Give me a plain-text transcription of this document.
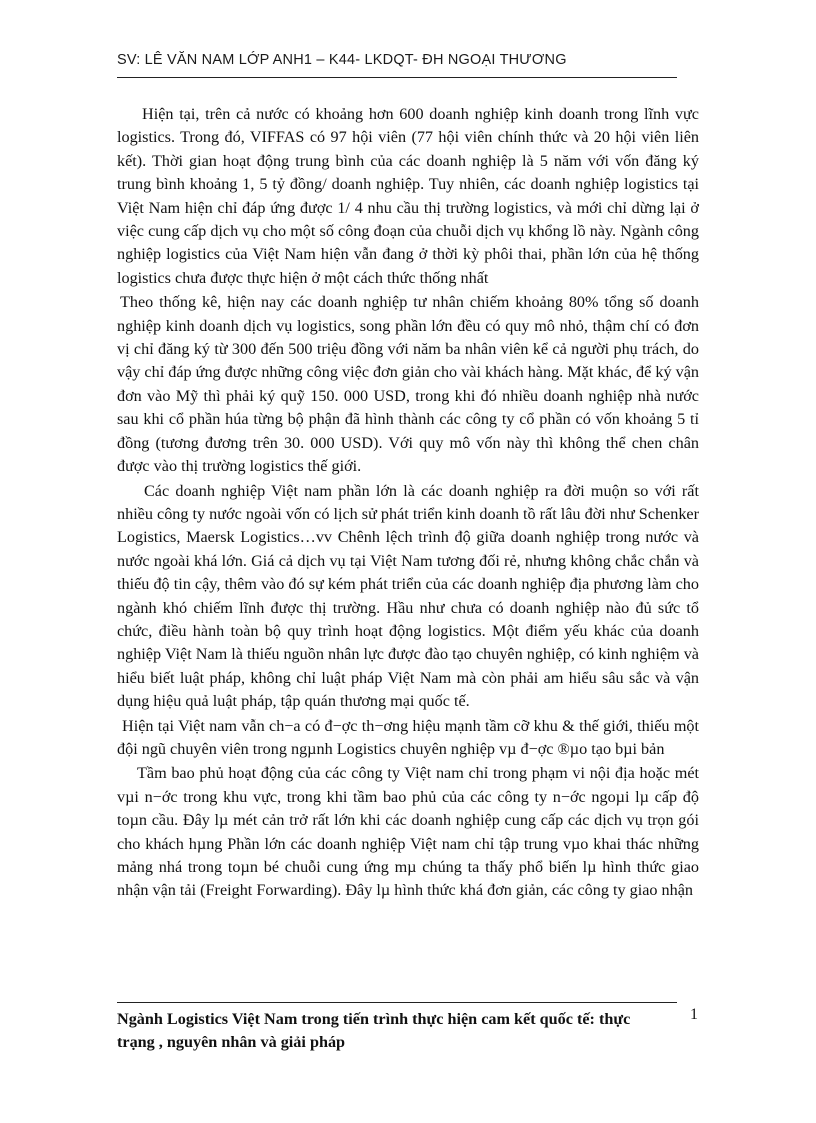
SV: LÊ VĂN NAM LỚP ANH1 – K44- LKDQT- ĐH NGOẠI THƯƠNG

Hiện tại, trên cả nước có khoảng hơn 600 doanh nghiệp kinh doanh trong lĩnh vực logistics. Trong đó, VIFFAS có 97 hội viên (77 hội viên chính thức và 20 hội viên liên kết). Thời gian hoạt động trung bình của các doanh nghiệp là 5 năm với vốn đăng ký trung bình khoảng 1, 5 tỷ đồng/ doanh nghiệp. Tuy nhiên, các doanh nghiệp logistics tại Việt Nam hiện chỉ đáp ứng được 1/ 4 nhu cầu thị trường logistics, và mới chỉ dừng lại ở việc cung cấp dịch vụ cho một số công đoạn của chuỗi dịch vụ khổng lồ này. Ngành công nghiệp logistics của Việt Nam hiện vẫn đang ở thời kỳ phôi thai, phần lớn của hệ thống logistics chưa được thực hiện ở một cách thức thống nhất

Theo thống kê, hiện nay các doanh nghiệp tư nhân chiếm khoảng 80% tổng số doanh nghiệp kinh doanh dịch vụ logistics, song phần lớn đều có quy mô nhỏ, thậm chí có đơn vị chỉ đăng ký từ 300 đến 500 triệu đồng với năm ba nhân viên kể cả người phụ trách, do vậy chỉ đáp ứng được những công việc đơn giản cho vài khách hàng. Mặt khác, để ký vận đơn vào Mỹ thì phải ký quỹ 150. 000 USD, trong khi đó nhiều doanh nghiệp nhà nước sau khi cổ phần húa từng bộ phận đã hình thành các công ty cổ phần có vốn khoảng 5 tỉ đồng (tương đương trên 30. 000 USD). Với quy mô vốn này thì không thể chen chân được vào thị trường logistics thế giới.

Các doanh nghiệp Việt nam phần lớn là các doanh nghiệp ra đời muộn so với rất nhiều công ty nước ngoài vốn có lịch sử phát triển kinh doanh tồ rất lâu đời như Schenker Logistics, Maersk Logistics…vv Chênh lệch trình độ giữa doanh nghiệp trong nước và nước ngoài khá lớn. Giá cả dịch vụ tại Việt Nam tương đối rẻ, nhưng không chắc chắn và thiếu độ tin cậy, thêm vào đó sự kém phát triển của các doanh nghiệp địa phương làm cho ngành khó chiếm lĩnh được thị trường. Hầu như chưa có doanh nghiệp nào đủ sức tổ chức, điều hành toàn bộ quy trình hoạt động logistics. Một điểm yếu khác của doanh nghiệp Việt Nam là thiếu nguồn nhân lực được đào tạo chuyên nghiệp, có kinh nghiệm và hiểu biết luật pháp, không chỉ luật pháp Việt Nam mà còn phải am hiểu sâu sắc và vận dụng hiệu quả luật pháp, tập quán thương mại quốc tế.

Hiện tại Việt nam vẫn ch−a có đ−ợc th−ơng hiệu mạnh tầm cỡ khu & thế giới, thiếu một đội ngũ chuyên viên trong ngµnh Logistics chuyên nghiệp vµ đ−ợc ®µo tạo bµi bản

Tầm bao phủ hoạt động của các công ty Việt nam chỉ trong phạm vi nội địa hoặc mét vµi n−ớc trong khu vực, trong khi tầm bao phủ của các công ty n−ớc ngoµi lµ cấp độ toµn cầu. Đây lµ mét cản trở rất lớn khi các doanh nghiệp cung cấp các dịch vụ trọn gói cho khách hµng Phần lớn các doanh nghiệp Việt nam chỉ tập trung vµo khai thác những mảng nhá trong toµn bé chuỗi cung ứng mµ chúng ta thấy phổ biến lµ hình thức giao nhận vận tải (Freight Forwarding). Đây lµ hình thức khá đơn giản, các công ty giao nhận

Ngành Logistics Việt Nam trong tiến trình thực hiện cam kết quốc tế: thực trạng , nguyên nhân và giải pháp
1
